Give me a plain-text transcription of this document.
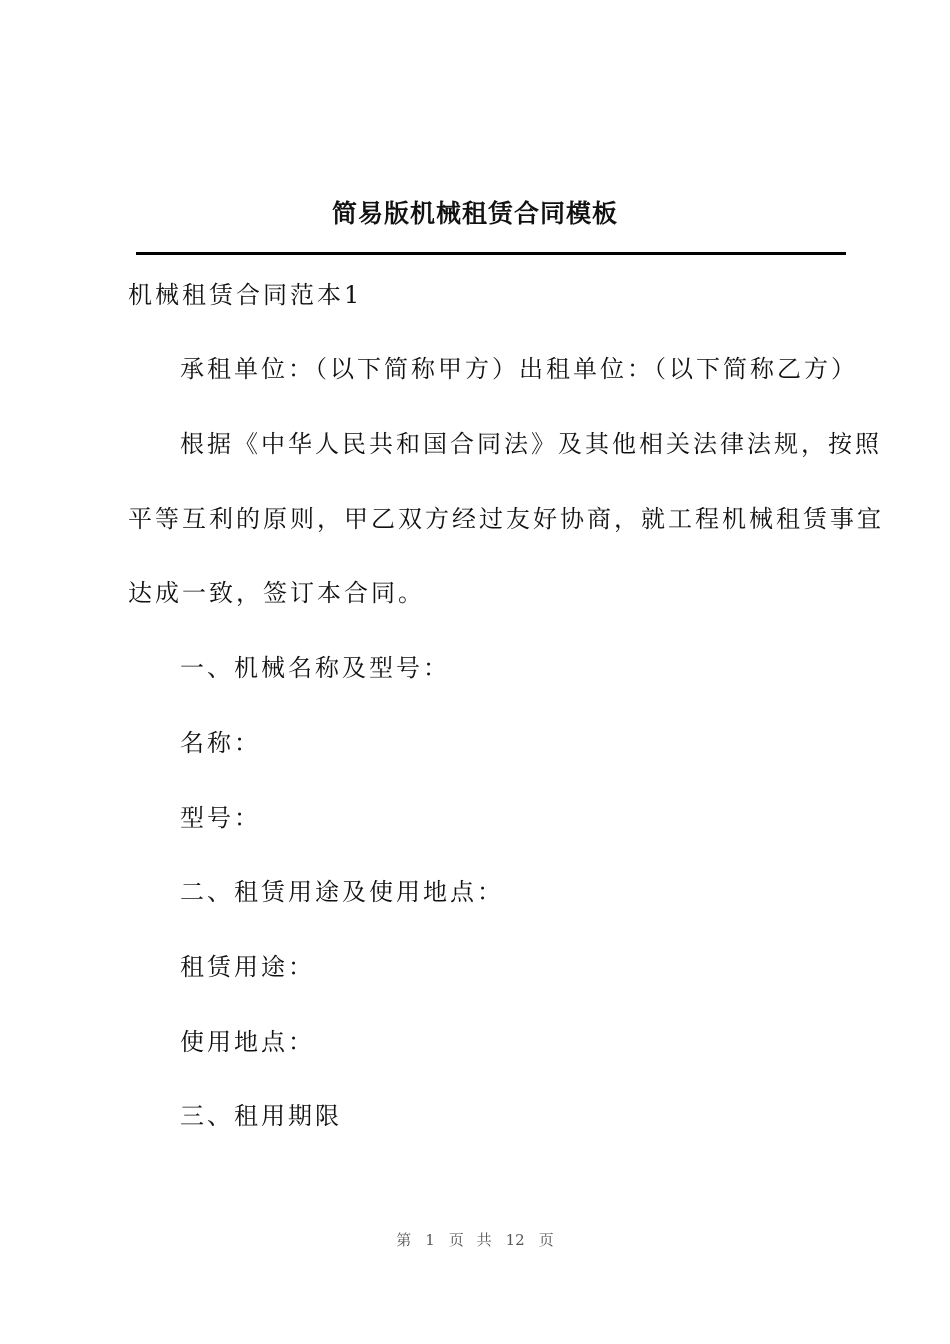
简易版机械租赁合同模板
机械租赁合同范本1
承租单位：（以下简称甲方）出租单位：（以下简称乙方）
根据《中华人民共和国合同法》及其他相关法律法规，按照
平等互利的原则，甲乙双方经过友好协商，就工程机械租赁事宜
达成一致，签订本合同。
一、机械名称及型号：
名称：
型号：
二、租赁用途及使用地点：
租赁用途：
使用地点：
三、租用期限
第 1 页 共 12 页
